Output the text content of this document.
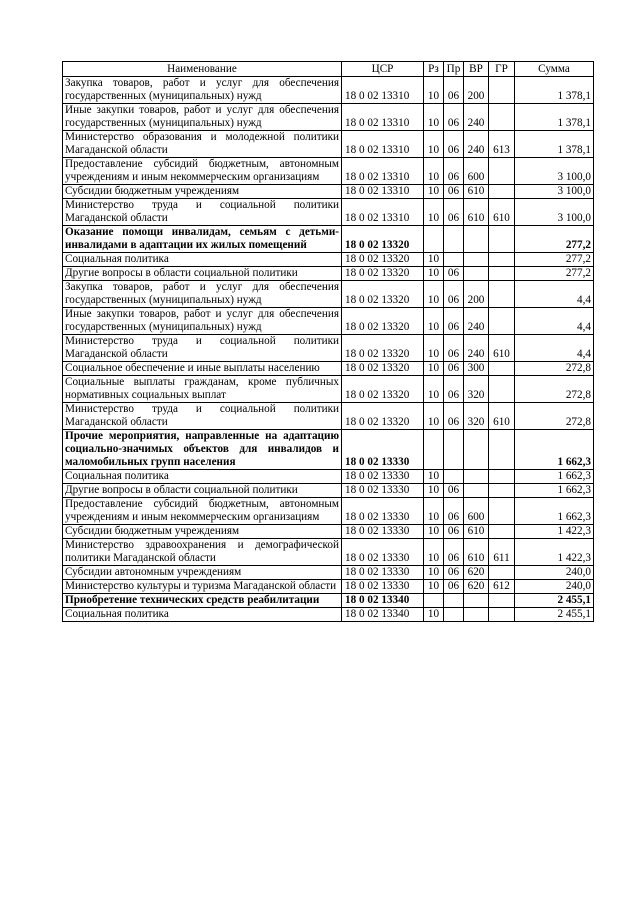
Наименование	ЦСР	Рз	Пр	ВР	ГР	Сумма
Закупка товаров, работ и услуг для обеспечения государственных (муниципальных) нужд	18 0 02 13310	10	06	200		1 378,1
Иные закупки товаров, работ и услуг для обеспечения государственных (муниципальных) нужд	18 0 02 13310	10	06	240		1 378,1
Министерство образования и молодежной политики Магаданской области	18 0 02 13310	10	06	240	613	1 378,1
Предоставление субсидий бюджетным, автономным учреждениям и иным некоммерческим организациям	18 0 02 13310	10	06	600		3 100,0
Субсидии бюджетным учреждениям	18 0 02 13310	10	06	610		3 100,0
Министерство труда и социальной политики Магаданской области	18 0 02 13310	10	06	610	610	3 100,0
Оказание помощи инвалидам, семьям с детьми-инвалидами в адаптации их жилых помещений	18 0 02 13320					277,2
Социальная политика	18 0 02 13320	10				277,2
Другие вопросы в области социальной политики	18 0 02 13320	10	06			277,2
Закупка товаров, работ и услуг для обеспечения государственных (муниципальных) нужд	18 0 02 13320	10	06	200		4,4
Иные закупки товаров, работ и услуг для обеспечения государственных (муниципальных) нужд	18 0 02 13320	10	06	240		4,4
Министерство труда и социальной политики Магаданской области	18 0 02 13320	10	06	240	610	4,4
Социальное обеспечение и иные выплаты населению	18 0 02 13320	10	06	300		272,8
Социальные выплаты гражданам, кроме публичных нормативных социальных выплат	18 0 02 13320	10	06	320		272,8
Министерство труда и социальной политики Магаданской области	18 0 02 13320	10	06	320	610	272,8
Прочие мероприятия, направленные на адаптацию социально-значимых объектов для инвалидов и маломобильных групп населения	18 0 02 13330					1 662,3
Социальная политика	18 0 02 13330	10				1 662,3
Другие вопросы в области социальной политики	18 0 02 13330	10	06			1 662,3
Предоставление субсидий бюджетным, автономным учреждениям и иным некоммерческим организациям	18 0 02 13330	10	06	600		1 662,3
Субсидии бюджетным учреждениям	18 0 02 13330	10	06	610		1 422,3
Министерство здравоохранения и демографической политики Магаданской области	18 0 02 13330	10	06	610	611	1 422,3
Субсидии автономным учреждениям	18 0 02 13330	10	06	620		240,0
Министерство культуры и туризма Магаданской области	18 0 02 13330	10	06	620	612	240,0
Приобретение технических средств реабилитации	18 0 02 13340					2 455,1
Социальная политика	18 0 02 13340	10				2 455,1
